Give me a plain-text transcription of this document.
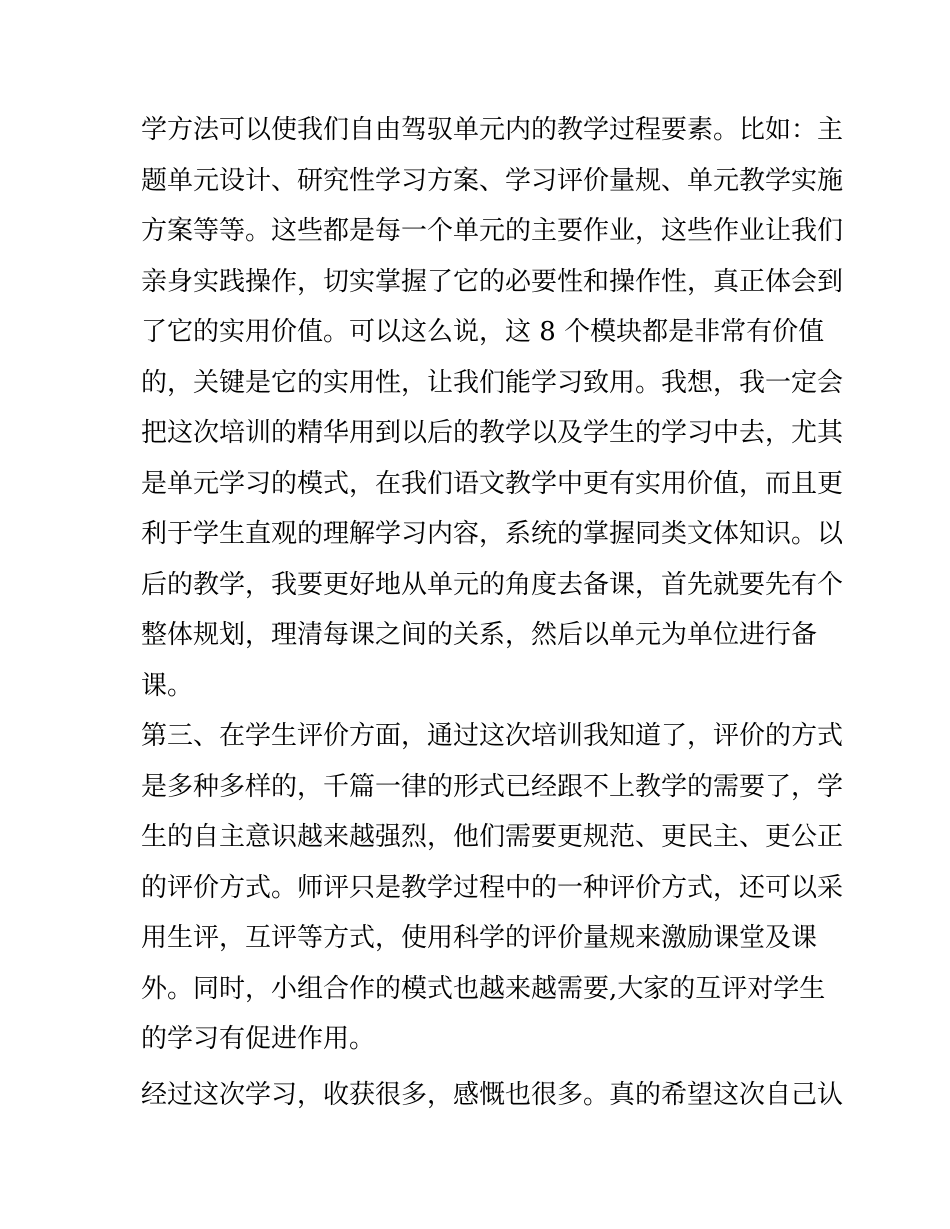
学方法可以使我们自由驾驭单元内的教学过程要素。比如：主
题单元设计、研究性学习方案、学习评价量规、单元教学实施
方案等等。这些都是每一个单元的主要作业，这些作业让我们
亲身实践操作，切实掌握了它的必要性和操作性，真正体会到
了它的实用价值。可以这么说，这 8 个模块都是非常有价值
的，关键是它的实用性，让我们能学习致用。我想，我一定会
把这次培训的精华用到以后的教学以及学生的学习中去，尤其
是单元学习的模式，在我们语文教学中更有实用价值，而且更
利于学生直观的理解学习内容，系统的掌握同类文体知识。以
后的教学，我要更好地从单元的角度去备课，首先就要先有个
整体规划，理清每课之间的关系，然后以单元为单位进行备
课。
第三、在学生评价方面，通过这次培训我知道了，评价的方式
是多种多样的，千篇一律的形式已经跟不上教学的需要了，学
生的自主意识越来越强烈，他们需要更规范、更民主、更公正
的评价方式。师评只是教学过程中的一种评价方式，还可以采
用生评，互评等方式，使用科学的评价量规来激励课堂及课
外。同时，小组合作的模式也越来越需要,大家的互评对学生
的学习有促进作用。
经过这次学习，收获很多，感慨也很多。真的希望这次自己认
